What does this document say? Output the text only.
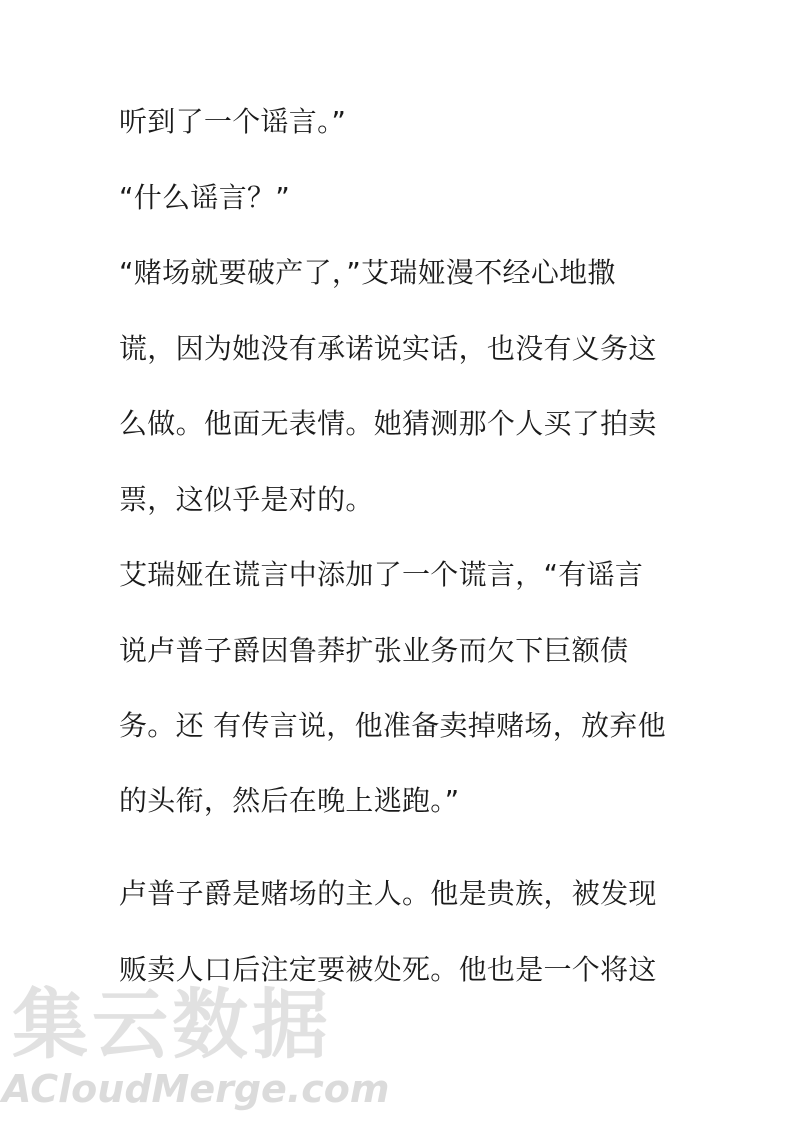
听到了一个谣言。”
“什么谣言？”
“赌场就要破产了，”艾瑞娅漫不经心地撒
谎，因为她没有承诺说实话，也没有义务这
么做。他面无表情。她猜测那个人买了拍卖
票，这似乎是对的。
艾瑞娅在谎言中添加了一个谎言，“有谣言
说卢普子爵因鲁莽扩张业务而欠下巨额债
务。还 有传言说，他准备卖掉赌场，放弃他
的头衔，然后在晚上逃跑。”
卢普子爵是赌场的主人。他是贵族，被发现
贩卖人口后注定要被处死。他也是一个将这
集云数据
ACloudMerge.com
